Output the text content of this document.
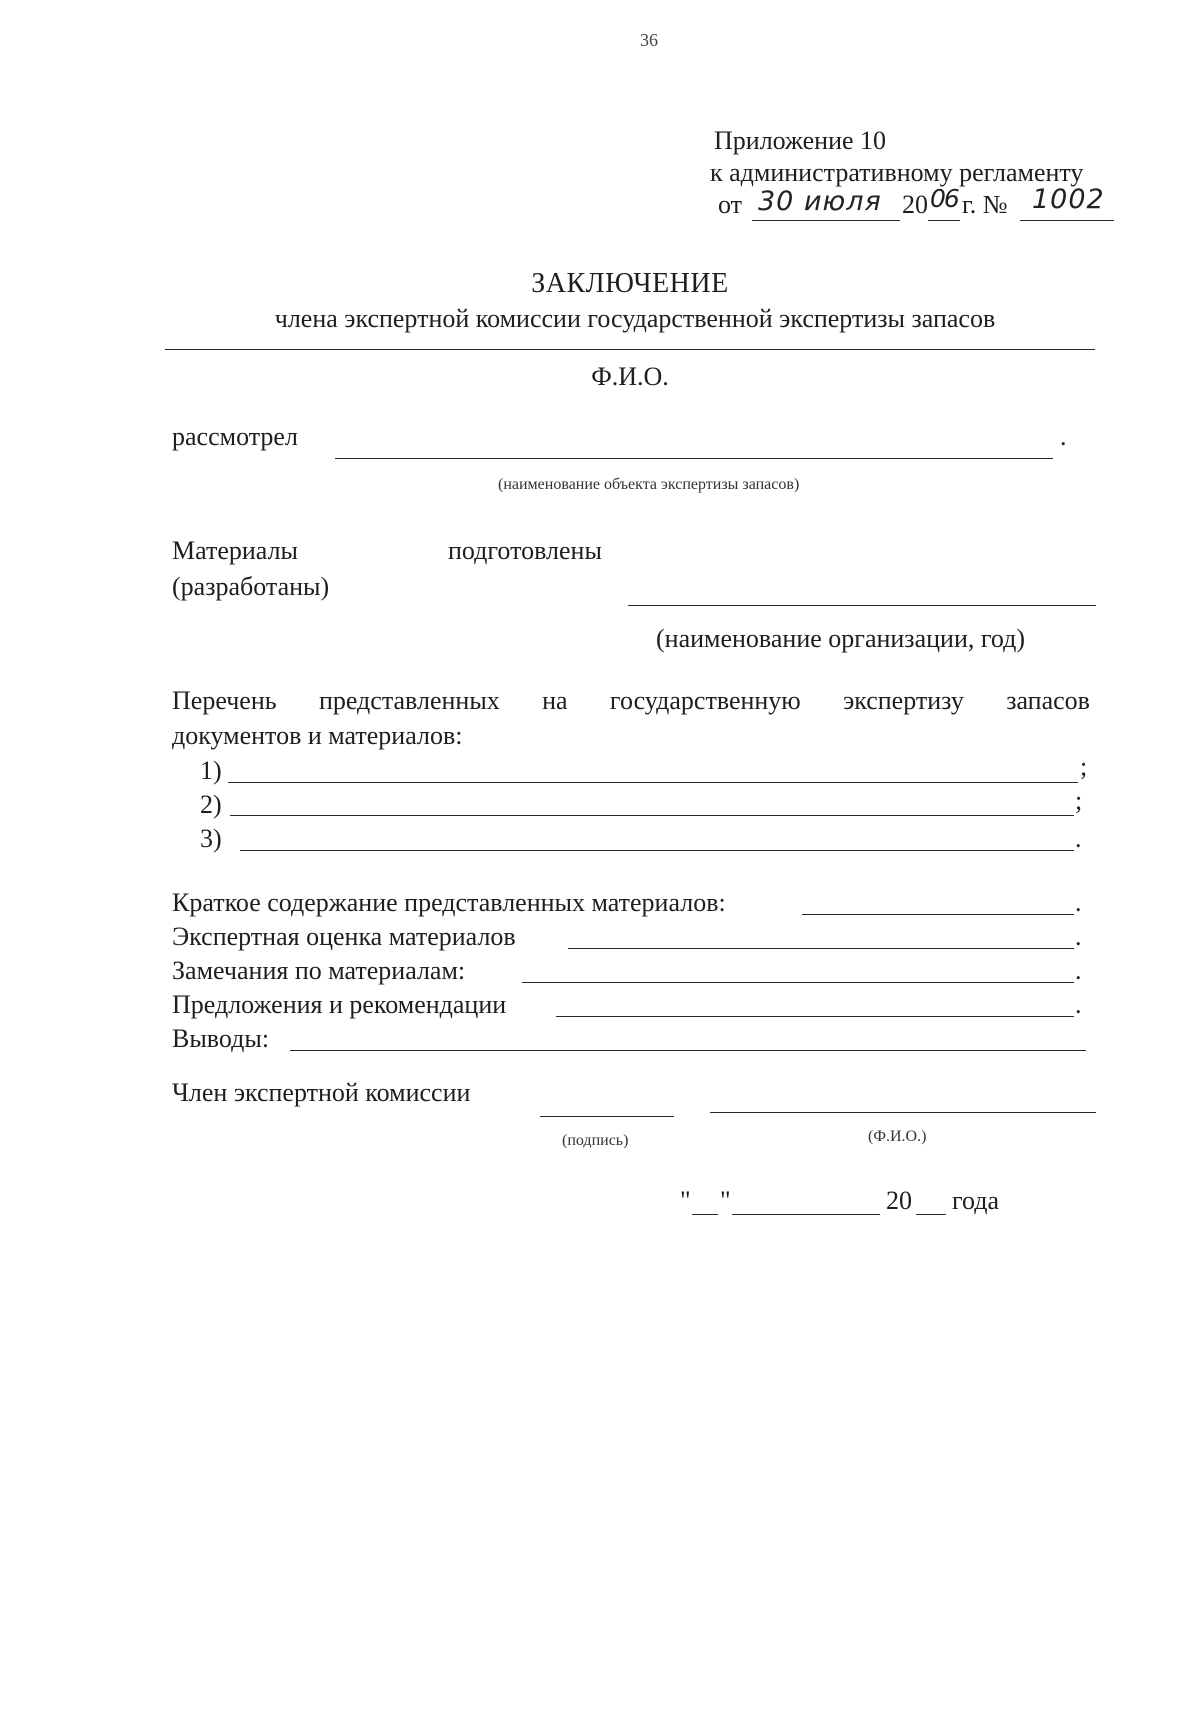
36
Приложение 10
к административному регламенту
от 30 июля 20 06 г. № 1002
ЗАКЛЮЧЕНИЕ
члена экспертной комиссии государственной экспертизы запасов
Ф.И.О.
рассмотрел	.
(наименование объекта экспертизы запасов)
Материалы	подготовлены
(разработаны)
(наименование организации, год)
Перечень представленных на государственную экспертизу запасов
документов и материалов:
1)	;
2)	;
3)	.
Краткое содержание представленных материалов:	.
Экспертная оценка материалов	.
Замечания по материалам:	.
Предложения и рекомендации	.
Выводы:
Член экспертной комиссии
(подпись)	(Ф.И.О.)
" "	20 года
